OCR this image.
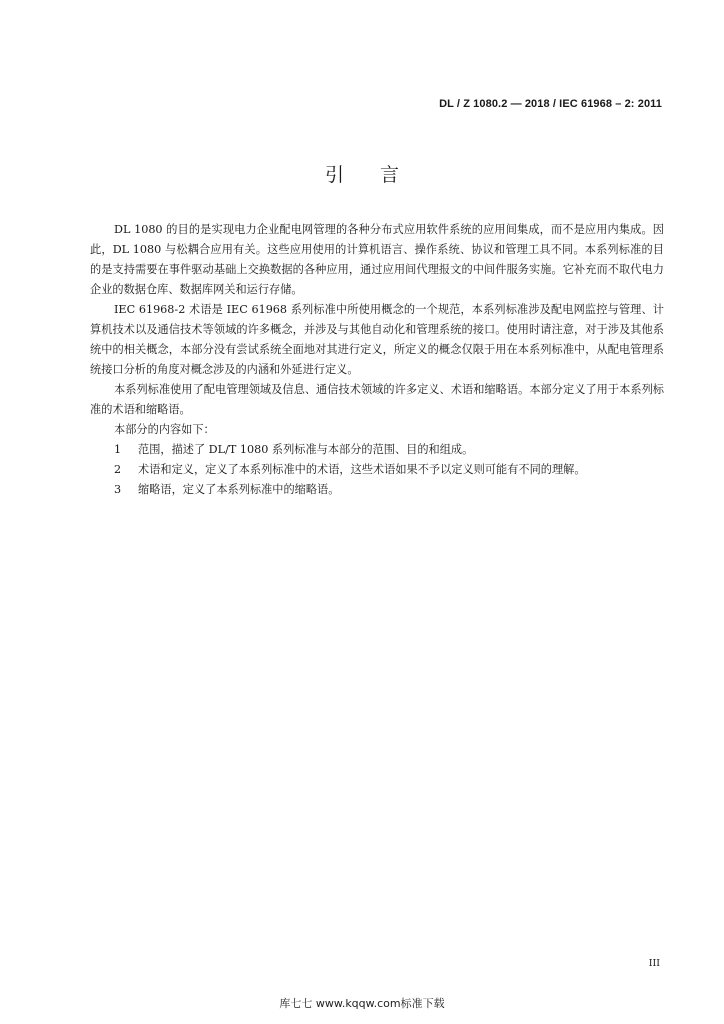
DL / Z 1080.2 — 2018 / IEC 61968 – 2: 2011
引言

DL 1080 的目的是实现电力企业配电网管理的各种分布式应用软件系统的应用间集成，而不是应用内集成。因此，DL 1080 与松耦合应用有关。这些应用使用的计算机语言、操作系统、协议和管理工具不同。本系列标准的目的是支持需要在事件驱动基础上交换数据的各种应用，通过应用间代理报文的中间件服务实施。它补充而不取代电力企业的数据仓库、数据库网关和运行存储。

IEC 61968-2 术语是 IEC 61968 系列标准中所使用概念的一个规范，本系列标准涉及配电网监控与管理、计算机技术以及通信技术等领域的许多概念，并涉及与其他自动化和管理系统的接口。使用时请注意，对于涉及其他系统中的相关概念，本部分没有尝试系统全面地对其进行定义，所定义的概念仅限于用在本系列标准中，从配电管理系统接口分析的角度对概念涉及的内涵和外延进行定义。

本系列标准使用了配电管理领域及信息、通信技术领域的许多定义、术语和缩略语。本部分定义了用于本系列标准的术语和缩略语。

本部分的内容如下：

1 范围，描述了 DL/T 1080 系列标准与本部分的范围、目的和组成。

2 术语和定义，定义了本系列标准中的术语，这些术语如果不予以定义则可能有不同的理解。

3 缩略语，定义了本系列标准中的缩略语。

III
库七七 www.kqqw.com标准下载
